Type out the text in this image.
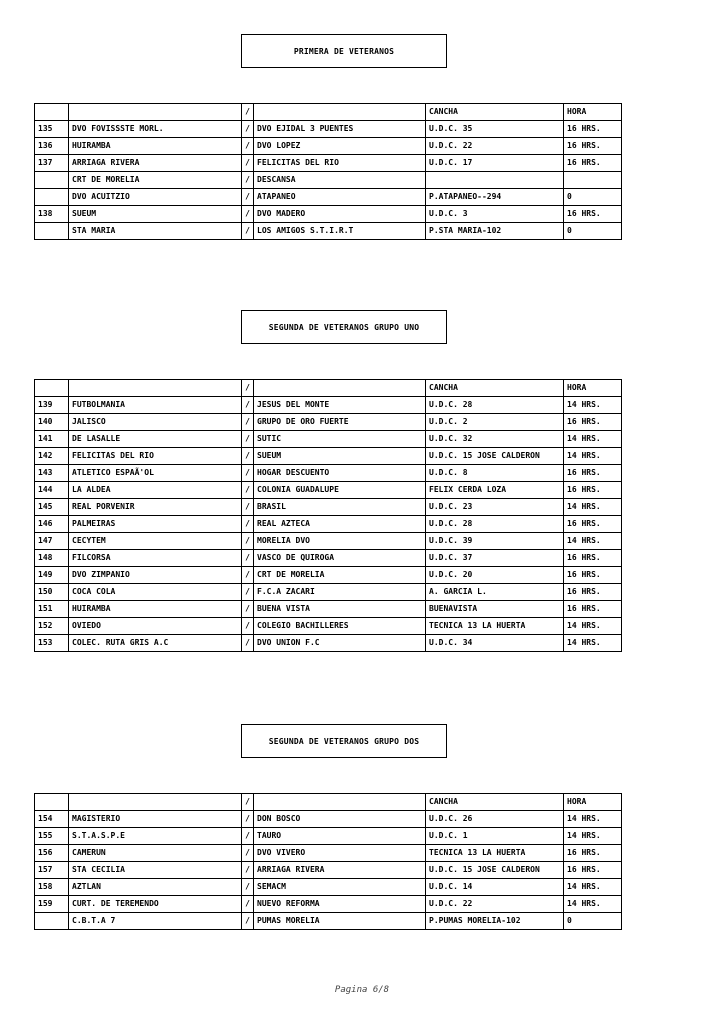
PRIMERA DE VETERANOS
		/		CANCHA	HORA
135	DVO FOVISSSTE MORL.	/	DVO EJIDAL 3 PUENTES	U.D.C. 35	16 HRS.
136	HUIRAMBA	/	DVO LOPEZ	U.D.C. 22	16 HRS.
137	ARRIAGA RIVERA	/	FELICITAS DEL RIO	U.D.C. 17	16 HRS.
	CRT DE MORELIA	/	DESCANSA		
	DVO ACUITZIO	/	ATAPANEO	P.ATAPANEO--294	0
138	SUEUM	/	DVO MADERO	U.D.C. 3	16 HRS.
	STA MARIA	/	LOS AMIGOS S.T.I.R.T	P.STA MARIA-102	0
SEGUNDA DE VETERANOS GRUPO UNO
		/		CANCHA	HORA
139	FUTBOLMANIA	/	JESUS DEL MONTE	U.D.C. 28	14 HRS.
140	JALISCO	/	GRUPO DE ORO FUERTE	U.D.C. 2	16 HRS.
141	DE LASALLE	/	SUTIC	U.D.C. 32	14 HRS.
142	FELICITAS DEL RIO	/	SUEUM	U.D.C. 15 JOSE CALDERON	14 HRS.
143	ATLETICO ESPAÃ'OL	/	HOGAR DESCUENTO	U.D.C. 8	16 HRS.
144	LA ALDEA	/	COLONIA GUADALUPE	FELIX CERDA LOZA	16 HRS.
145	REAL PORVENIR	/	BRASIL	U.D.C. 23	14 HRS.
146	PALMEIRAS	/	REAL AZTECA	U.D.C. 28	16 HRS.
147	CECYTEM	/	MORELIA DVO	U.D.C. 39	14 HRS.
148	FILCORSA	/	VASCO DE QUIROGA	U.D.C. 37	16 HRS.
149	DVO ZIMPANIO	/	CRT DE MORELIA	U.D.C. 20	16 HRS.
150	COCA COLA	/	F.C.A ZACARI	A. GARCIA L.	16 HRS.
151	HUIRAMBA	/	BUENA VISTA	BUENAVISTA	16 HRS.
152	OVIEDO	/	COLEGIO BACHILLERES	TECNICA 13 LA HUERTA	14 HRS.
153	COLEC. RUTA GRIS A.C	/	DVO UNION F.C	U.D.C. 34	14 HRS.
SEGUNDA DE VETERANOS GRUPO DOS
		/		CANCHA	HORA
154	MAGISTERIO	/	DON BOSCO	U.D.C. 26	14 HRS.
155	S.T.A.S.P.E	/	TAURO	U.D.C. 1	14 HRS.
156	CAMERUN	/	DVO VIVERO	TECNICA 13 LA HUERTA	16 HRS.
157	STA CECILIA	/	ARRIAGA RIVERA	U.D.C. 15 JOSE CALDERON	16 HRS.
158	AZTLAN	/	SEMACM	U.D.C. 14	14 HRS.
159	CURT. DE TEREMENDO	/	NUEVO REFORMA	U.D.C. 22	14 HRS.
	C.B.T.A 7	/	PUMAS MORELIA	P.PUMAS MORELIA-102	0
Pagina 6/8
